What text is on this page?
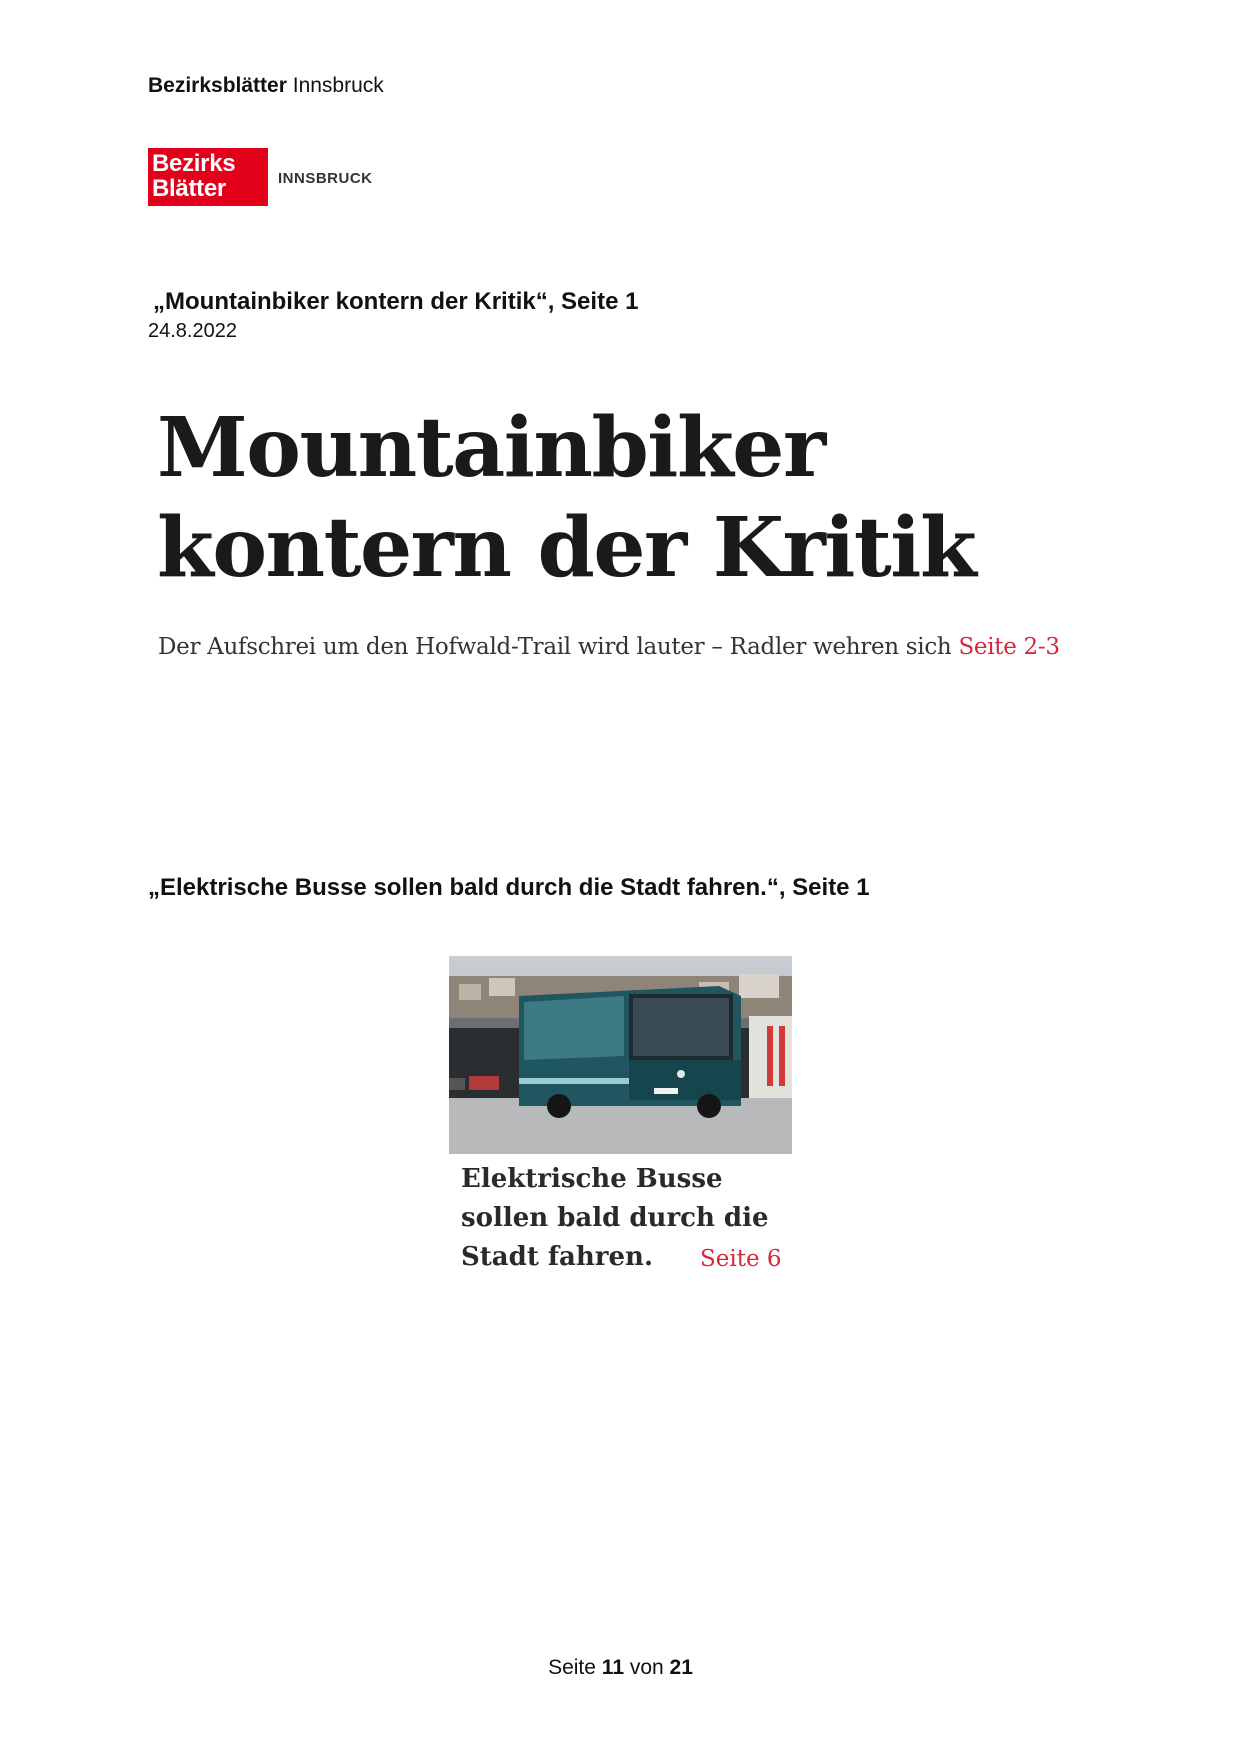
Bezirksblätter Innsbruck
Bezirks
Blätter	INNSBRUCK
„Mountainbiker kontern der Kritik“, Seite 1
24.8.2022
Mountainbiker
kontern der Kritik
Der Aufschrei um den Hofwald-Trail wird lauter – Radler wehren sich Seite 2-3
„Elektrische Busse sollen bald durch die Stadt fahren.“, Seite 1
Elektrische Busse
sollen bald durch die
Stadt fahren.	Seite 6
Seite 11 von 21
